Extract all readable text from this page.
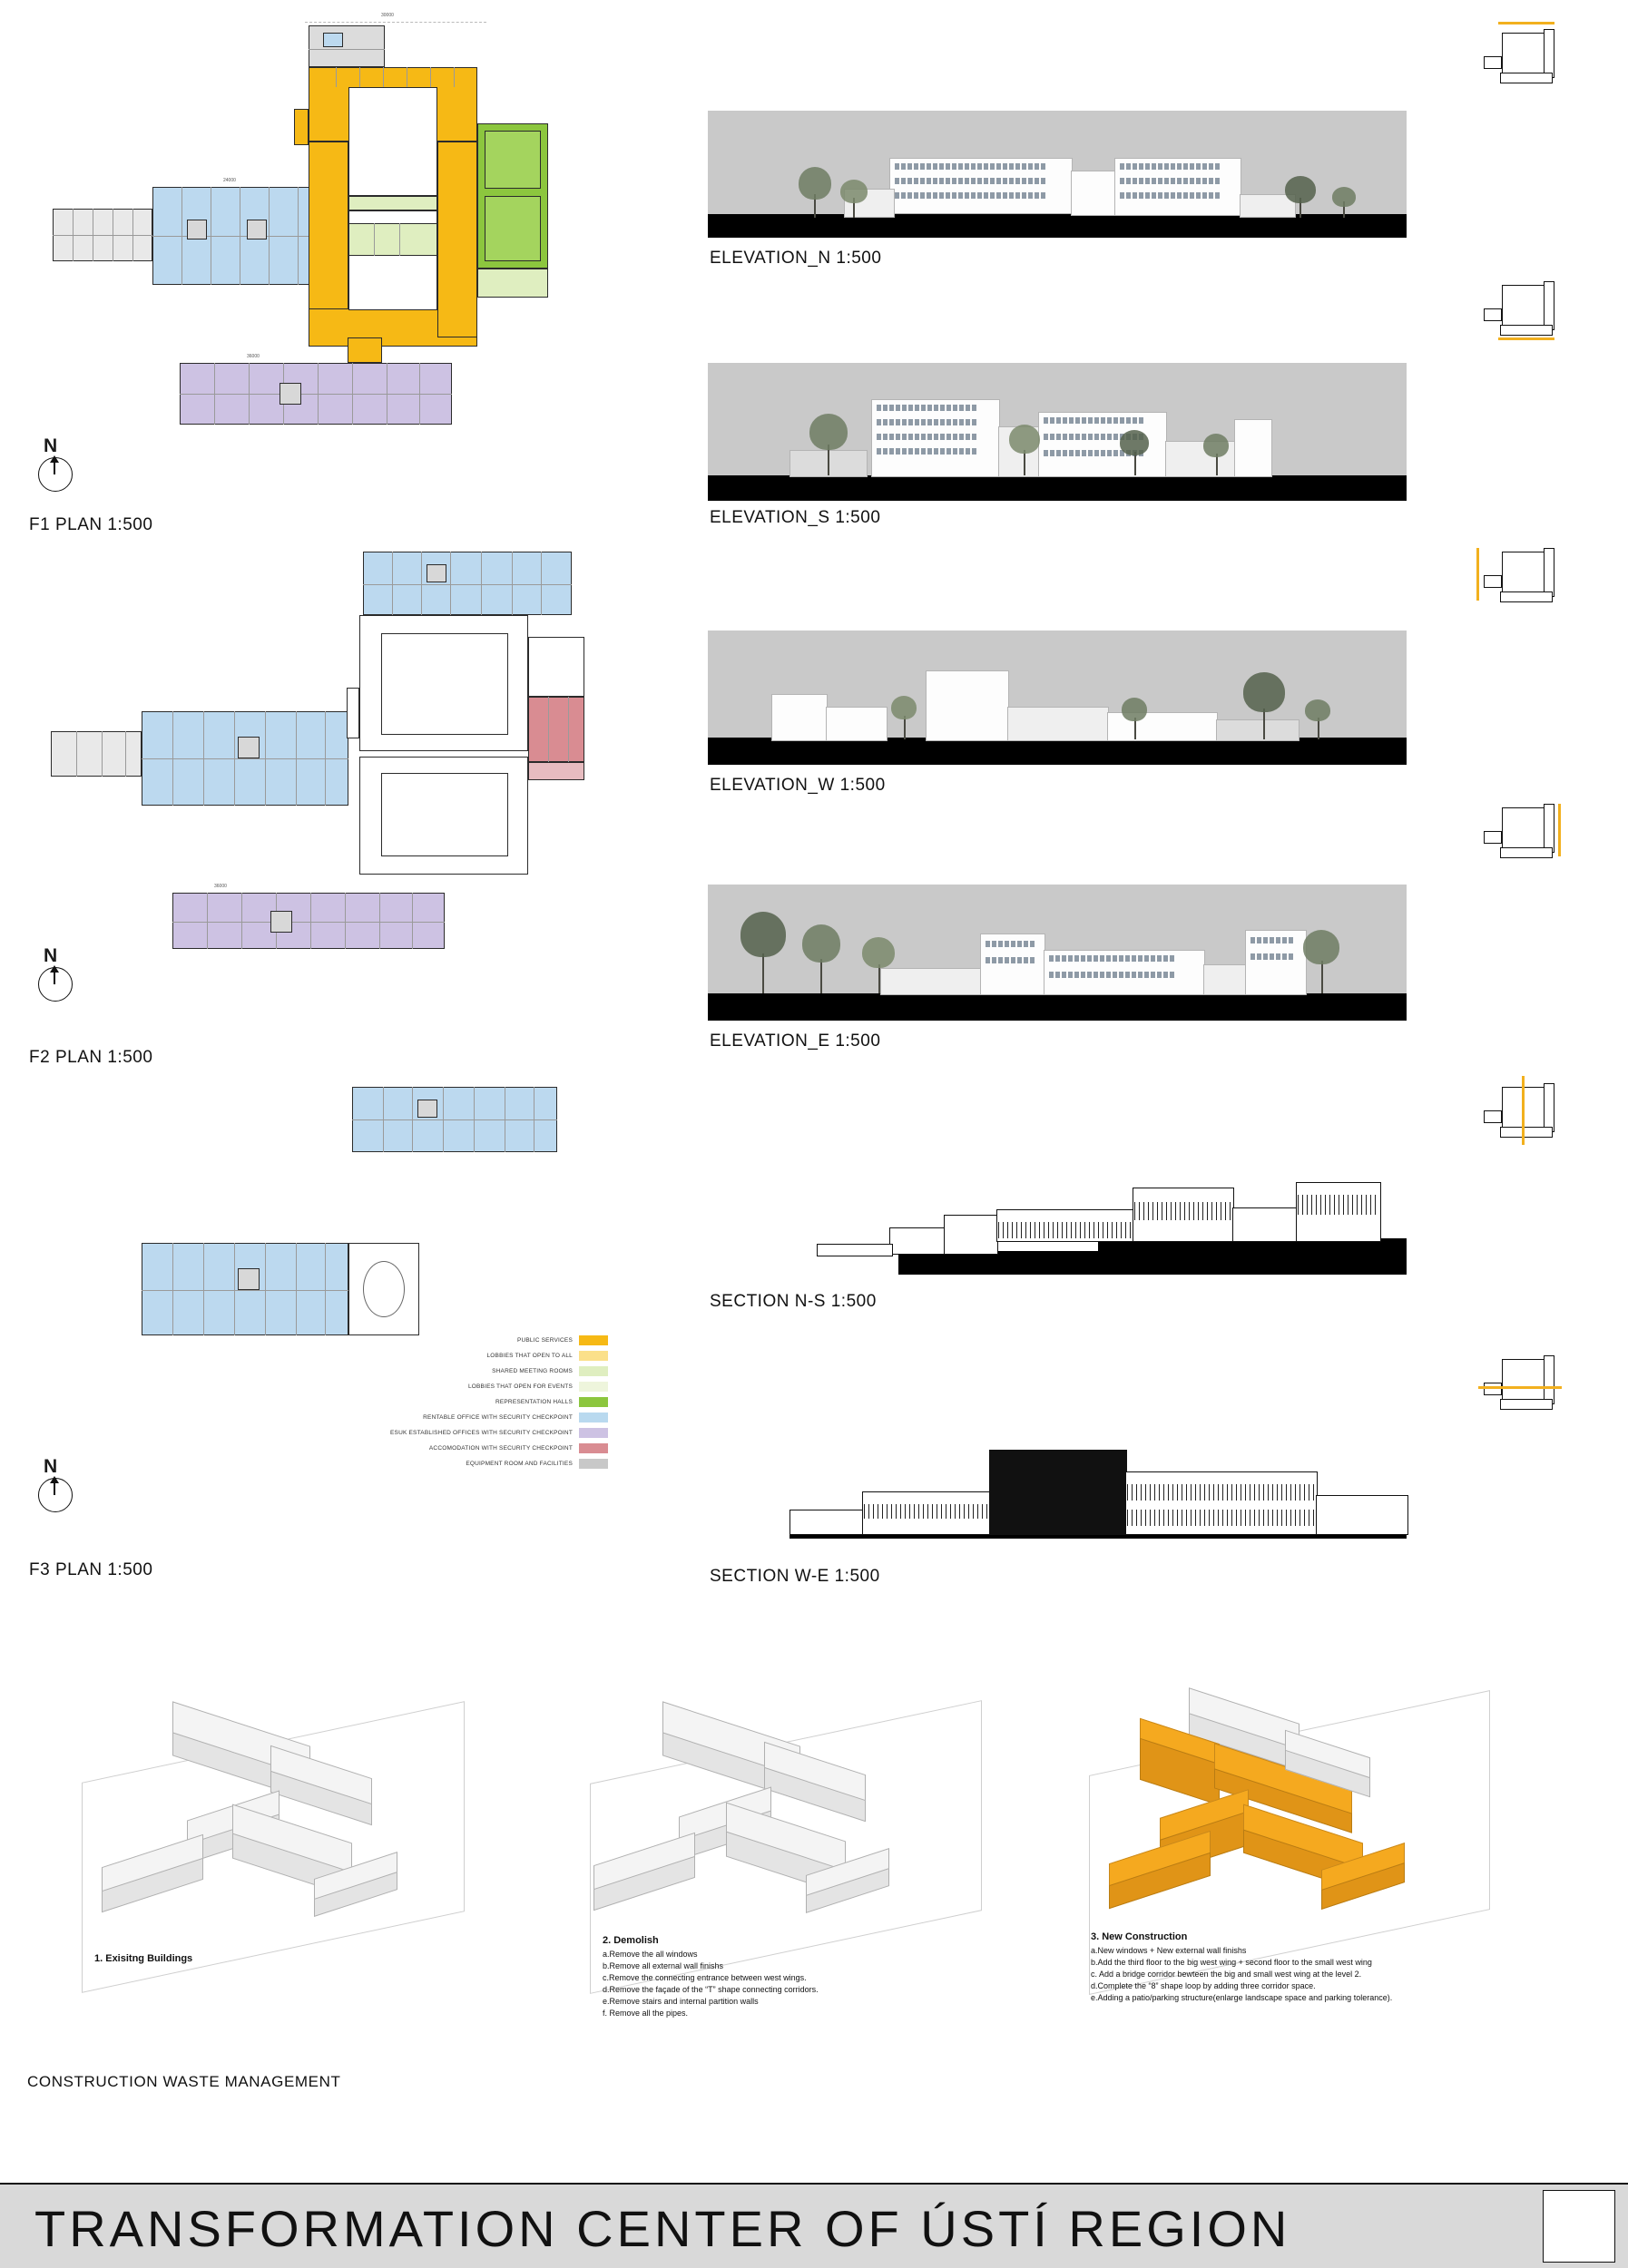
30000
24000
36000
N
F1 PLAN 1:500
36000
N
F2 PLAN 1:500
N
F3 PLAN 1:500
PUBLIC SERVICES
LOBBIES THAT OPEN TO ALL
SHARED MEETING ROOMS
LOBBIES THAT OPEN FOR EVENTS
REPRESENTATION HALLS
RENTABLE OFFICE WITH SECURITY CHECKPOINT
ESUK ESTABLISHED OFFICES WITH SECURITY CHECKPOINT
ACCOMODATION WITH SECURITY CHECKPOINT
EQUIPMENT ROOM AND FACILITIES
ELEVATION_N 1:500
ELEVATION_S 1:500
ELEVATION_W 1:500
ELEVATION_E 1:500
SECTION N-S 1:500
SECTION W-E 1:500
1. Exisitng Buildings
2. Demolish
a.Remove the all windows
b.Remove all external wall finishs
c.Remove the connecting entrance between west wings.
d.Remove the façade of the “T” shape connecting corridors.
e.Remove stairs and internal partition walls
f. Remove all the pipes.
3. New Construction
a.New windows + New external wall finishs
b.Add the third floor to the big west wing + second floor to the small west wing
c. Add a bridge corridor bewteen the big and small west wing at the level 2.
d.Complete the “8” shape loop by adding three corridor space.
e.Adding a patio/parking structure(enlarge landscape space and parking tolerance).
CONSTRUCTION WASTE MANAGEMENT
TRANSFORMATION CENTER OF ÚSTÍ REGION
